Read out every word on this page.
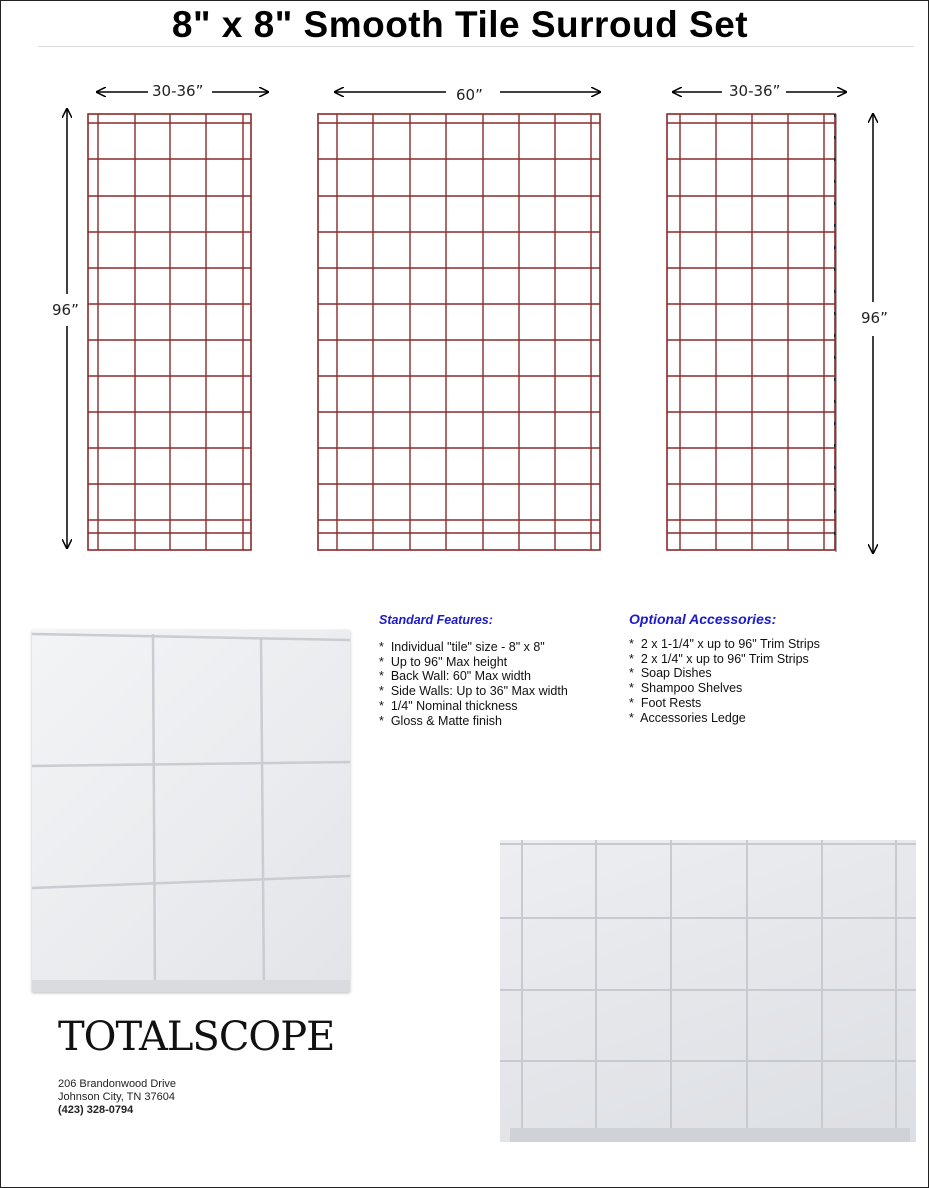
8" x 8" Smooth Tile Surroud Set
30-36”	60”	30-36”
96”	96”
Standard Features:
* Individual "tile" size - 8" x 8"
* Up to 96" Max height
* Back Wall: 60" Max width
* Side Walls: Up to 36" Max width
* 1/4" Nominal thickness
* Gloss & Matte finish
Optional Accessories:
* 2 x 1-1/4" x up to 96" Trim Strips
* 2 x 1/4" x up to 96" Trim Strips
* Soap Dishes
* Shampoo Shelves
* Foot Rests
* Accessories Ledge
TOTALSCOPE
206 Brandonwood Drive
Johnson City, TN 37604
(423) 328-0794
